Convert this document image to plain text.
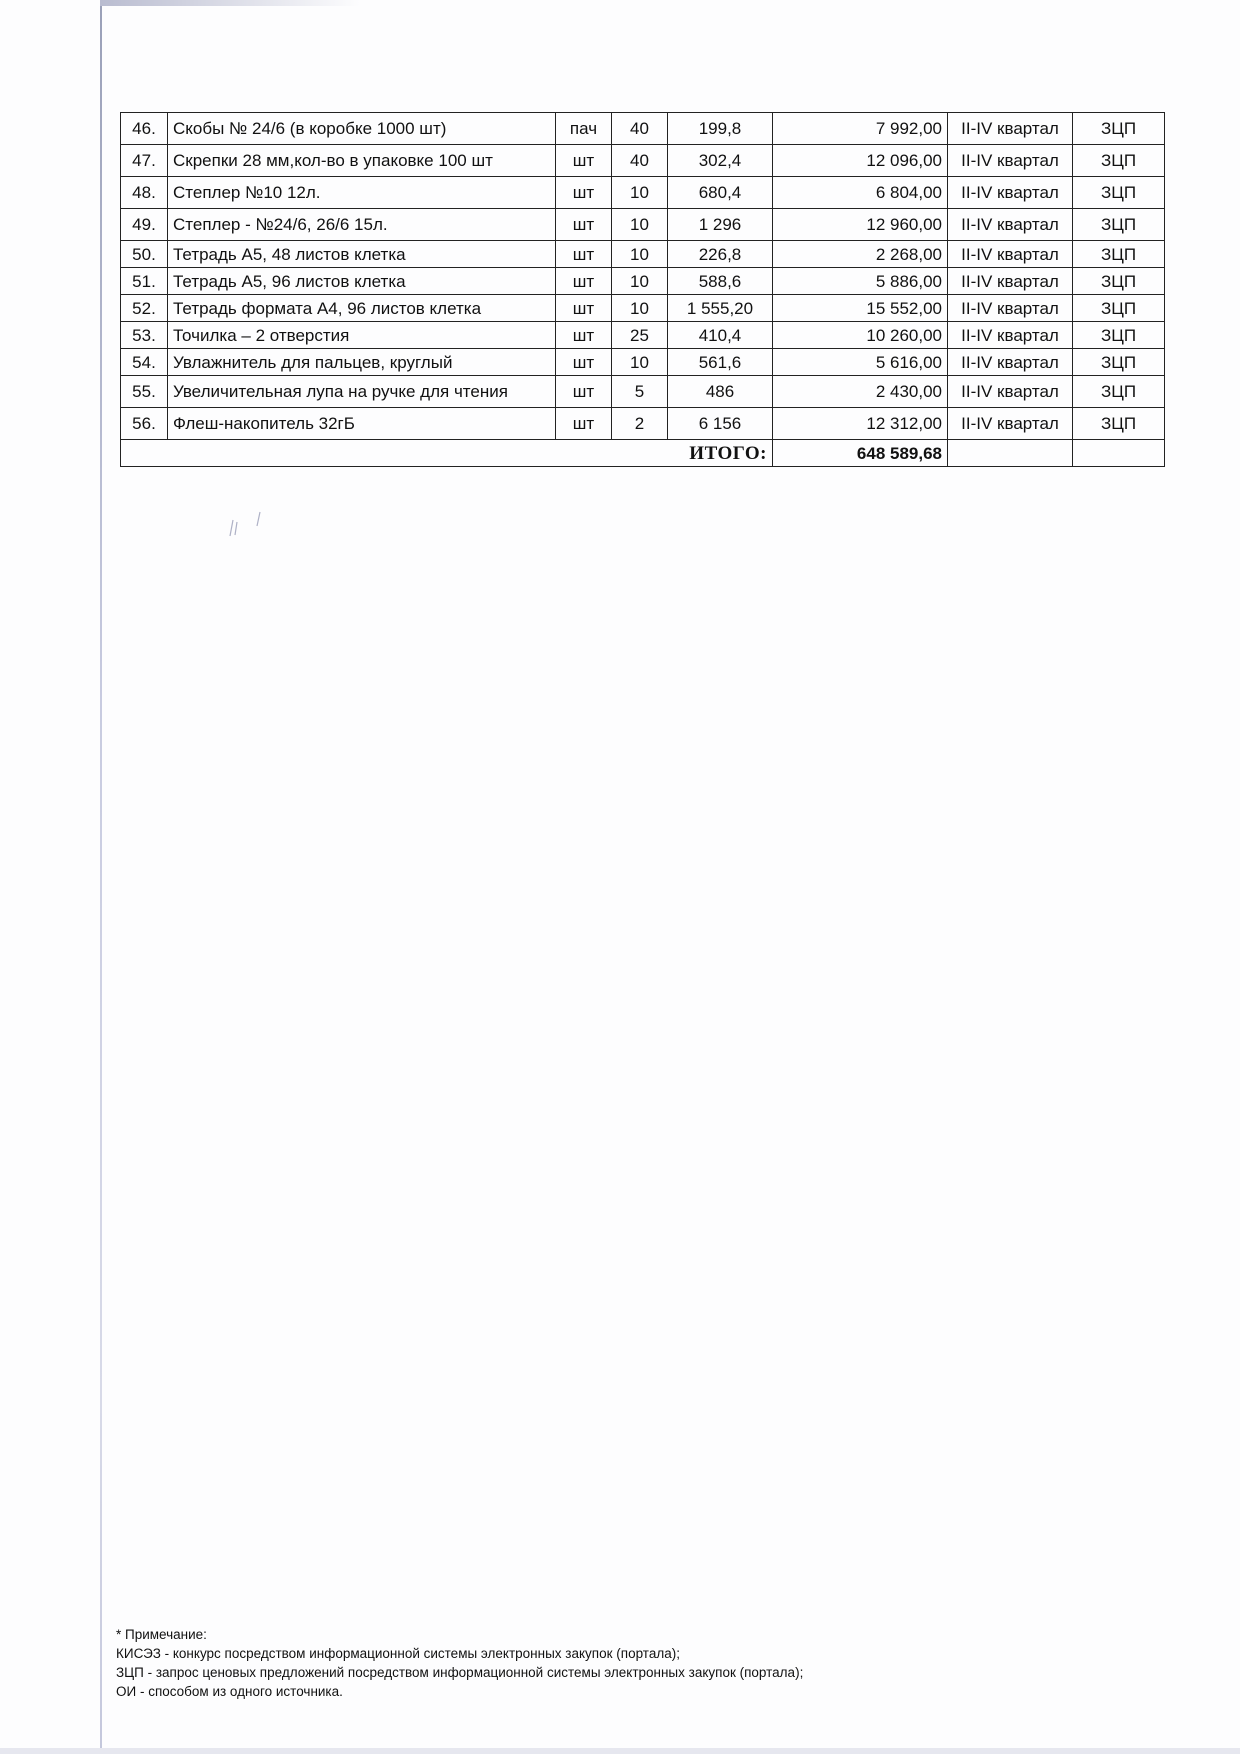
46.	Скобы № 24/6 (в коробке 1000 шт)	пач	40	199,8	7 992,00	II-IV квартал	ЗЦП
47.	Скрепки 28 мм,кол-во в упаковке 100 шт	шт	40	302,4	12 096,00	II-IV квартал	ЗЦП
48.	Степлер №10 12л.	шт	10	680,4	6 804,00	II-IV квартал	ЗЦП
49.	Степлер - №24/6, 26/6 15л.	шт	10	1 296	12 960,00	II-IV квартал	ЗЦП
50.	Тетрадь А5, 48 листов клетка	шт	10	226,8	2 268,00	II-IV квартал	ЗЦП
51.	Тетрадь А5, 96 листов клетка	шт	10	588,6	5 886,00	II-IV квартал	ЗЦП
52.	Тетрадь формата А4, 96 листов клетка	шт	10	1 555,20	15 552,00	II-IV квартал	ЗЦП
53.	Точилка – 2 отверстия	шт	25	410,4	10 260,00	II-IV квартал	ЗЦП
54.	Увлажнитель для пальцев, круглый	шт	10	561,6	5 616,00	II-IV квартал	ЗЦП
55.	Увеличительная лупа на ручке для чтения	шт	5	486	2 430,00	II-IV квартал	ЗЦП
56.	Флеш-накопитель 32гБ	шт	2	6 156	12 312,00	II-IV квартал	ЗЦП
ИТОГО:					648 589,68		
* Примечание:
КИСЭЗ - конкурс посредством информационной системы электронных закупок (портала);
ЗЦП - запрос ценовых предложений посредством информационной системы электронных закупок (портала);
ОИ - способом из одного источника.
